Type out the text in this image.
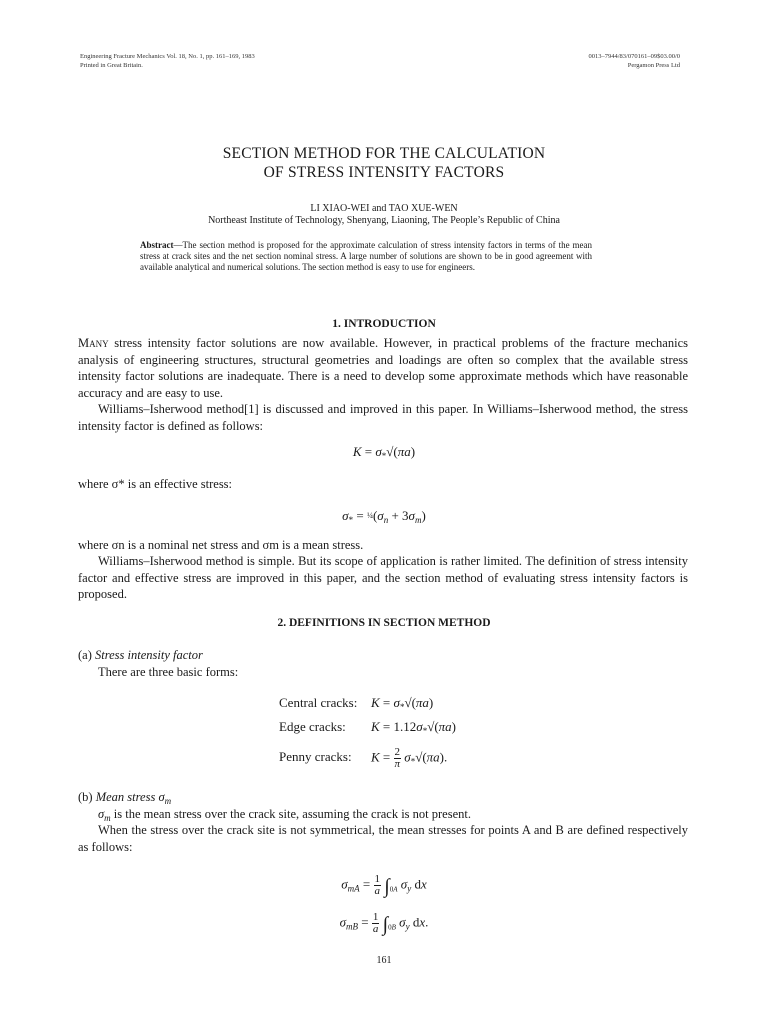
Engineering Fracture Mechanics Vol. 18, No. 1, pp. 161–169, 1983
Printed in Great Britain.
0013–7944/83/070161–09$03.00/0
Pergamon Press Ltd
SECTION METHOD FOR THE CALCULATION
OF STRESS INTENSITY FACTORS
LI XIAO-WEI and TAO XUE-WEN
Northeast Institute of Technology, Shenyang, Liaoning, The People’s Republic of China
Abstract—The section method is proposed for the approximate calculation of stress intensity factors in terms of the mean stress at crack sites and the net section nominal stress. A large number of solutions are shown to be in good agreement with available analytical and numerical solutions. The section method is easy to use for engineers.
1. INTRODUCTION
Many stress intensity factor solutions are now available. However, in practical problems of the fracture mechanics analysis of engineering structures, structural geometries and loadings are often so complex that the available stress intensity factor solutions are inadequate. There is a need to develop some approximate methods which have reasonable accuracy and are easy to use.
Williams–Isherwood method[1] is discussed and improved in this paper. In Williams–Isherwood method, the stress intensity factor is defined as follows:
$K = \sigma_*√(\pi a)$
where σ* is an effective stress:
$\sigma_*$ = $\frac{1}{4}(\sigma_n + 3\sigma_m)$
where σn is a nominal net stress and σm is a mean stress.
Williams–Isherwood method is simple. But its scope of application is rather limited. The definition of stress intensity factor and effective stress are improved in this paper, and the section method of evaluating stress intensity factors is proposed.
2. DEFINITIONS IN SECTION METHOD
(a) Stress intensity factor
There are three basic forms:
Central cracks: $K = \sigma_*√(\pi a)$
Edge cracks: $K = 1.12\sigma_*√(\pi a)$
Penny cracks: $K = \frac{2}{\pi} \sigma_*√(\pi a)$.
(b) Mean stress $\sigma_m$
$\sigma_m$ is the mean stress over the crack site, assuming the crack is not present.
When the stress over the crack site is not symmetrical, the mean stresses for points A and B are defined respectively as follows:
$\sigma_{mA} = \frac{1}{a} \int_{0A}$ $\sigma_y$ dx
$\sigma_{mB} = \frac{1}{a} \int_{0B}$ $\sigma_y$ dx.
161
